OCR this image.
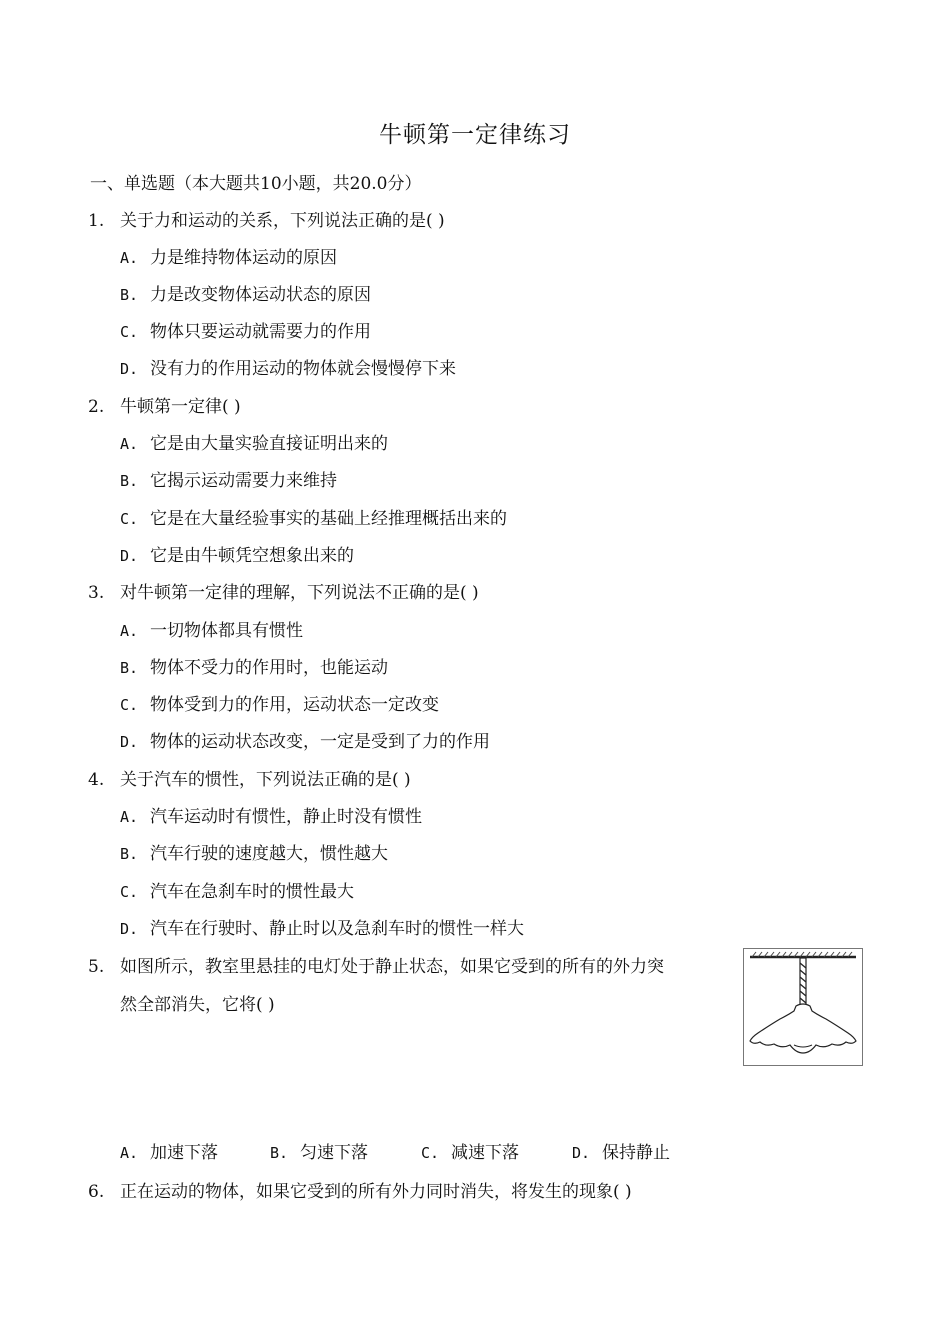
牛顿第一定律练习
一、单选题（本大题共10小题，共20.0分）
1. 关于力和运动的关系，下列说法正确的是( )
A. 力是维持物体运动的原因
B. 力是改变物体运动状态的原因
C. 物体只要运动就需要力的作用
D. 没有力的作用运动的物体就会慢慢停下来
2. 牛顿第一定律( )
A. 它是由大量实验直接证明出来的
B. 它揭示运动需要力来维持
C. 它是在大量经验事实的基础上经推理概括出来的
D. 它是由牛顿凭空想象出来的
3. 对牛顿第一定律的理解，下列说法不正确的是( )
A. 一切物体都具有惯性
B. 物体不受力的作用时，也能运动
C. 物体受到力的作用，运动状态一定改变
D. 物体的运动状态改变，一定是受到了力的作用
4. 关于汽车的惯性，下列说法正确的是( )
A. 汽车运动时有惯性，静止时没有惯性
B. 汽车行驶的速度越大，惯性越大
C. 汽车在急刹车时的惯性最大
D. 汽车在行驶时、静止时以及急刹车时的惯性一样大
5. 如图所示，教室里悬挂的电灯处于静止状态，如果它受到的所有的外力突
然全部消失，它将( )
A. 加速下落	B. 匀速下落	C. 减速下落	D. 保持静止
6. 正在运动的物体，如果它受到的所有外力同时消失，将发生的现象( )
